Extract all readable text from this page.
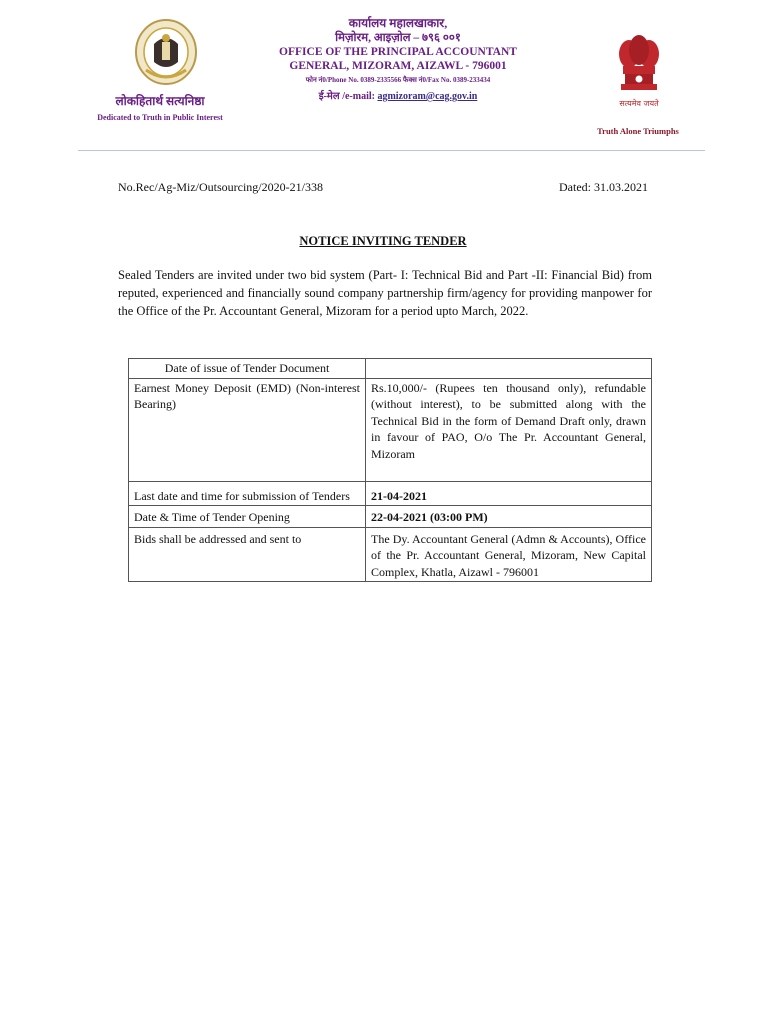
लोकहितार्थ सत्यनिष्ठा
Dedicated to Truth in Public Interest
कार्यालय महालखाकार,
मिज़ोरम, आइज़ोल – ७९६ ००१
OFFICE OF THE PRINCIPAL ACCOUNTANT
GENERAL, MIZORAM, AIZAWL - 796001
फोन नं0/Phone No. 0389-2335566 फैक्स नं0/Fax No. 0389-233434
ई-मेल /e-mail: agmizoram@cag.gov.in
सत्यमेव जयते
Truth Alone Triumphs
No.Rec/Ag-Miz/Outsourcing/2020-21/338	Dated: 31.03.2021
NOTICE INVITING TENDER
Sealed Tenders are invited under two bid system (Part- I: Technical Bid and Part -II: Financial Bid) from reputed, experienced and financially sound company partnership firm/agency for providing manpower for the Office of the Pr. Accountant General, Mizoram for a period upto March, 2022.
Date of issue of Tender Document	
Earnest Money Deposit (EMD) (Non-interest Bearing)	Rs.10,000/- (Rupees ten thousand only), refundable (without interest), to be submitted along with the Technical Bid in the form of Demand Draft only, drawn in favour of PAO, O/o The Pr. Accountant General, Mizoram
Last date and time for submission of Tenders	21-04-2021
Date & Time of Tender Opening	22-04-2021 (03:00 PM)
Bids shall be addressed and sent to	The Dy. Accountant General (Admn & Accounts), Office of the Pr. Accountant General, Mizoram, New Capital Complex, Khatla, Aizawl - 796001
